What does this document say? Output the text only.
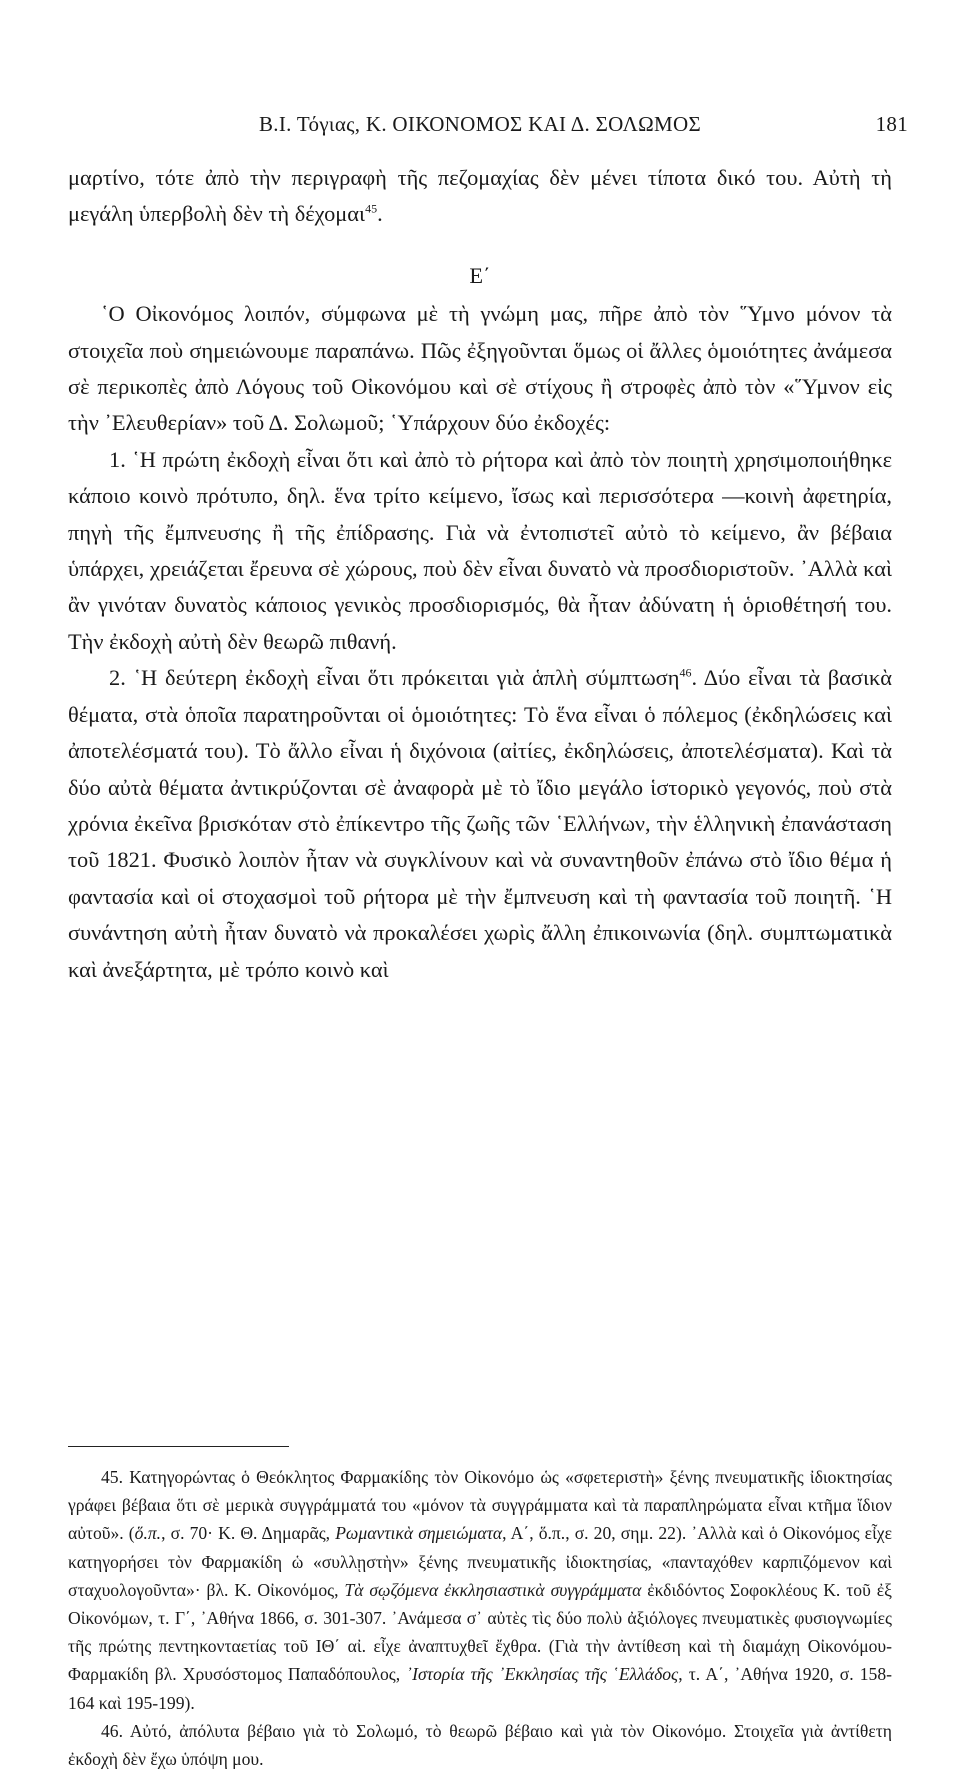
Β.Ι. Τόγιας, Κ. ΟΙΚΟΝΟΜΟΣ ΚΑΙ Δ. ΣΟΛΩΜΟΣ	181

μαρτίνο, τότε ἀπὸ τὴν περιγραφὴ τῆς πεζομαχίας δὲν μένει τίποτα δικό του. Αὐτὴ τὴ μεγάλη ὑπερβολὴ δὲν τὴ δέχομαι$^{45}$.

Ε΄

῾Ο Οἰκονόμος λοιπόν, σύμφωνα μὲ τὴ γνώμη μας, πῆρε ἀπὸ τὸν ῞Υμνο μόνον τὰ στοιχεῖα ποὺ σημειώνουμε παραπάνω. Πῶς ἐξηγοῦνται ὅμως οἱ ἄλλες ὁμοιότητες ἀνάμεσα σὲ περικοπὲς ἀπὸ Λόγους τοῦ Οἰκονόμου καὶ σὲ στίχους ἢ στροφὲς ἀπὸ τὸν «῞Υμνον εἰς τὴν ᾿Ελευθερίαν» τοῦ Δ. Σολωμοῦ; ῾Υπάρχουν δύο ἐκδοχές:

1. ῾Η πρώτη ἐκδοχὴ εἶναι ὅτι καὶ ἀπὸ τὸ ρήτορα καὶ ἀπὸ τὸν ποιητὴ χρησιμοποιήθηκε κάποιο κοινὸ πρότυπο, δηλ. ἕνα τρίτο κείμενο, ἴσως καὶ περισσότερα —κοινὴ ἀφετηρία, πηγὴ τῆς ἔμπνευσης ἢ τῆς ἐπίδρασης. Γιὰ νὰ ἐντοπιστεῖ αὐτὸ τὸ κείμενο, ἂν βέβαια ὑπάρχει, χρειάζεται ἔρευνα σὲ χώρους, ποὺ δὲν εἶναι δυνατὸ νὰ προσδιοριστοῦν. ᾿Αλλὰ καὶ ἂν γινόταν δυνατὸς κάποιος γενικὸς προσδιορισμός, θὰ ἦταν ἀδύνατη ἡ ὁριοθέτησή του. Τὴν ἐκδοχὴ αὐτὴ δὲν θεωρῶ πιθανή.

2. ῾Η δεύτερη ἐκδοχὴ εἶναι ὅτι πρόκειται γιὰ ἁπλὴ σύμπτωση$^{46}$. Δύο εἶναι τὰ βασικὰ θέματα, στὰ ὁποῖα παρατηροῦνται οἱ ὁμοιότητες: Τὸ ἕνα εἶναι ὁ πόλεμος (ἐκδηλώσεις καὶ ἀποτελέσματά του). Τὸ ἄλλο εἶναι ἡ διχόνοια (αἰτίες, ἐκδηλώσεις, ἀποτελέσματα). Καὶ τὰ δύο αὐτὰ θέματα ἀντικρύζονται σὲ ἀναφορὰ μὲ τὸ ἴδιο μεγάλο ἱστορικὸ γεγονός, ποὺ στὰ χρόνια ἐκεῖνα βρισκόταν στὸ ἐπίκεντρο τῆς ζωῆς τῶν ῾Ελλήνων, τὴν ἑλληνικὴ ἐπανάσταση τοῦ 1821. Φυσικὸ λοιπὸν ἦταν νὰ συγκλίνουν καὶ νὰ συναντηθοῦν ἐπάνω στὸ ἴδιο θέμα ἡ φαντασία καὶ οἱ στοχασμοὶ τοῦ ρήτορα μὲ τὴν ἔμπνευση καὶ τὴ φαντασία τοῦ ποιητῆ. ῾Η συνάντηση αὐτὴ ἦταν δυνατὸ νὰ προκαλέσει χωρὶς ἄλλη ἐπικοινωνία (δηλ. συμπτωματικὰ καὶ ἀνεξάρτητα, μὲ τρόπο κοινὸ καὶ

45. Κατηγορώντας ὁ Θεόκλητος Φαρμακίδης τὸν Οἰκονόμο ὡς «σφετεριστὴ» ξένης πνευματικῆς ἰδιοκτησίας γράφει βέβαια ὅτι σὲ μερικὰ συγγράμματά του «μόνον τὰ συγγράμματα καὶ τὰ παραπληρώματα εἶναι κτῆμα ἴδιον αὐτοῦ». (ὅ.π., σ. 70· Κ. Θ. Δημαρᾶς, Ρωμαντικὰ σημειώματα, Α΄, ὅ.π., σ. 20, σημ. 22). ᾿Αλλὰ καὶ ὁ Οἰκονόμος εἶχε κατηγορήσει τὸν Φαρμακίδη ὡ «συλλῃστὴν» ξένης πνευματικῆς ἰδιοκτησίας, «πανταχόθεν καρπιζόμενον καὶ σταχυολογοῦντα»· βλ. Κ. Οἰκονόμος, Τὰ σῳζόμενα ἐκκλησιαστικὰ συγγράμματα ἐκδιδόντος Σοφοκλέους Κ. τοῦ ἐξ Οἰκονόμων, τ. Γ΄, ᾿Αθήνα 1866, σ. 301-307. ᾿Ανάμεσα σ᾿ αὐτὲς τὶς δύο πολὺ ἀξιόλογες πνευματικὲς φυσιογνωμίες τῆς πρώτης πεντηκονταετίας τοῦ ΙΘ΄ αἰ. εἶχε ἀναπτυχθεῖ ἔχθρα. (Γιὰ τὴν ἀντίθεση καὶ τὴ διαμάχη Οἰκονόμου-Φαρμακίδη βλ. Χρυσόστομος Παπαδόπουλος, ᾿Ιστορία τῆς ᾿Εκκλησίας τῆς ῾Ελλάδος, τ. Α΄, ᾿Αθήνα 1920, σ. 158-164 καὶ 195-199).

46. Αὐτό, ἀπόλυτα βέβαιο γιὰ τὸ Σολωμό, τὸ θεωρῶ βέβαιο καὶ γιὰ τὸν Οἰκονόμο. Στοιχεῖα γιὰ ἀντίθετη ἐκδοχὴ δὲν ἔχω ὑπόψη μου.
